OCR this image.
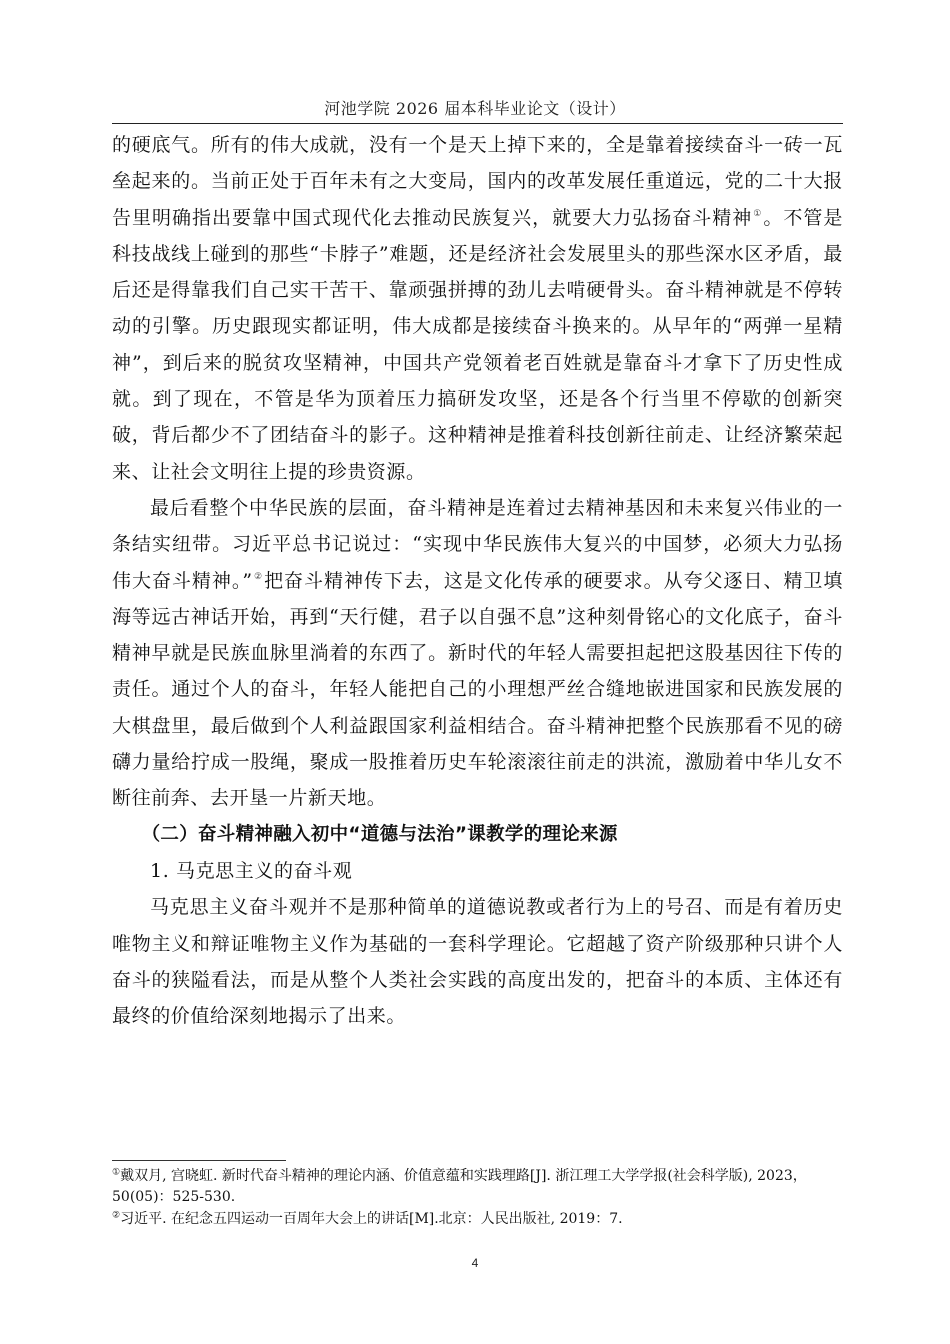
河池学院 2026 届本科毕业论文（设计）

的硬底气。所有的伟大成就，没有一个是天上掉下来的，全是靠着接续奋斗一砖一瓦垒起来的。当前正处于百年未有之大变局，国内的改革发展任重道远，党的二十大报告里明确指出要靠中国式现代化去推动民族复兴，就要大力弘扬奋斗精神①。不管是科技战线上碰到的那些“卡脖子”难题，还是经济社会发展里头的那些深水区矛盾，最后还是得靠我们自己实干苦干、靠顽强拼搏的劲儿去啃硬骨头。奋斗精神就是不停转动的引擎。历史跟现实都证明，伟大成都是接续奋斗换来的。从早年的“两弹一星精神”，到后来的脱贫攻坚精神，中国共产党领着老百姓就是靠奋斗才拿下了历史性成就。到了现在，不管是华为顶着压力搞研发攻坚，还是各个行当里不停歇的创新突破，背后都少不了团结奋斗的影子。这种精神是推着科技创新往前走、让经济繁荣起来、让社会文明往上提的珍贵资源。

最后看整个中华民族的层面，奋斗精神是连着过去精神基因和未来复兴伟业的一条结实纽带。习近平总书记说过：“实现中华民族伟大复兴的中国梦，必须大力弘扬伟大奋斗精神。”②把奋斗精神传下去，这是文化传承的硬要求。从夸父逐日、精卫填海等远古神话开始，再到“天行健，君子以自强不息”这种刻骨铭心的文化底子，奋斗精神早就是民族血脉里淌着的东西了。新时代的年轻人需要担起把这股基因往下传的责任。通过个人的奋斗，年轻人能把自己的小理想严丝合缝地嵌进国家和民族发展的大棋盘里，最后做到个人利益跟国家利益相结合。奋斗精神把整个民族那看不见的磅礴力量给拧成一股绳，聚成一股推着历史车轮滚滚往前走的洪流，激励着中华儿女不断往前奔、去开垦一片新天地。

（二）奋斗精神融入初中“道德与法治”课教学的理论来源

1. 马克思主义的奋斗观

马克思主义奋斗观并不是那种简单的道德说教或者行为上的号召、而是有着历史唯物主义和辩证唯物主义作为基础的一套科学理论。它超越了资产阶级那种只讲个人奋斗的狭隘看法，而是从整个人类社会实践的高度出发的，把奋斗的本质、主体还有最终的价值给深刻地揭示了出来。

①戴双月, 宫晓虹. 新时代奋斗精神的理论内涵、价值意蕴和实践理路[J]. 浙江理工大学学报(社会科学版), 2023，50(05)：525-530.

②习近平. 在纪念五四运动一百周年大会上的讲话[M].北京：人民出版社, 2019：7.

4
